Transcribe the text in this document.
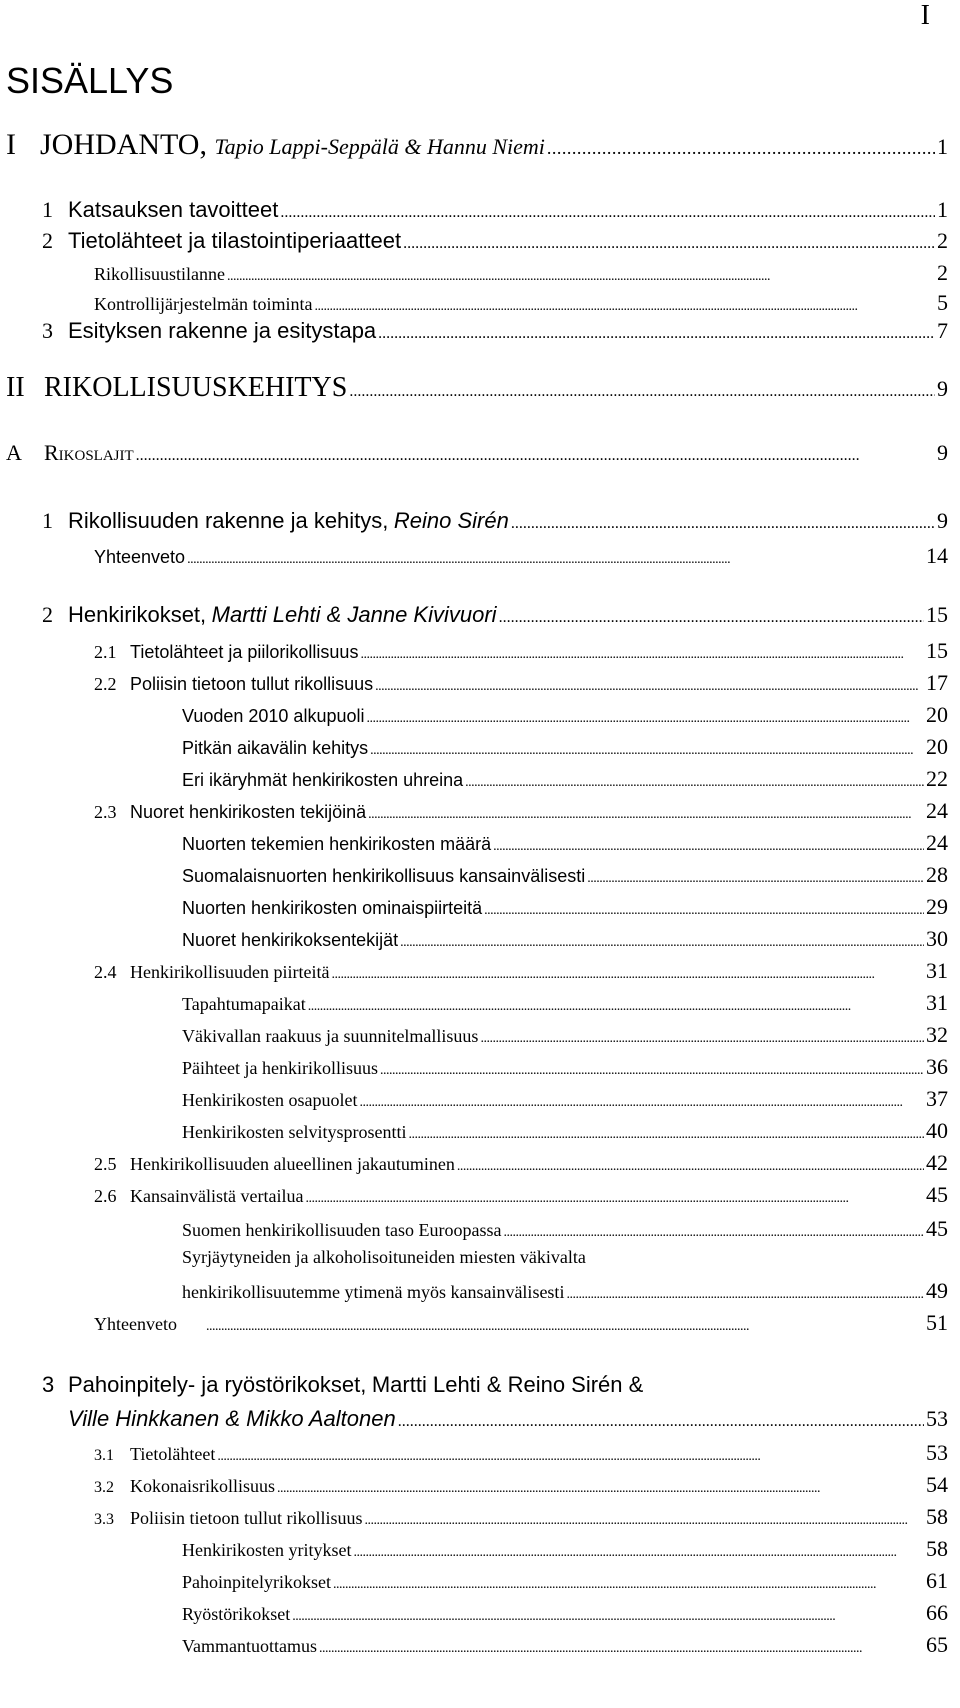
I
SISÄLLYS
I JOHDANTO,
Tapio Lappi-Seppälä & Hannu Niemi . . .	1
1 Katsauksen tavoitteet . . .	1
2 Tietolähteet ja tilastointiperiaatteet . . .	2
Rikollisuustilanne . . .	2
Kontrollijärjestelmän toiminta . . .	5
3 Esityksen rakenne ja esitystapa . . .	7
II RIKOLLISUUSKEHITYS . . .	9
A	Rikoslajit . . .	9
1 Rikollisuuden rakenne ja kehitys,
Reino Sirén . . .	9
Yhteenveto . . .	14
2 Henkirikokset,
Martti Lehti & Janne Kivivuori . . .	15
2.1 Tietolähteet ja piilorikollisuus . . .	15
2.2 Poliisin tietoon tullut rikollisuus . . .	17
Vuoden 2010 alkupuoli . . .	20
Pitkän aikavälin kehitys . . .	20
Eri ikäryhmät henkirikosten uhreina . . .	22
2.3 Nuoret henkirikosten tekijöinä . . .	24
Nuorten tekemien henkirikosten määrä . . .	24
Suomalaisnuorten henkirikollisuus kansainvälisesti . . .	28
Nuorten henkirikosten ominaispiirteitä . . .	29
Nuoret henkirikoksentekijät . . .	30
2.4 Henkirikollisuuden piirteitä . . .	31
Tapahtumapaikat . . .	31
Väkivallan raakuus ja suunnitelmallisuus . . .	32
Päihteet ja henkirikollisuus . . .	36
Henkirikosten osapuolet . . .	37
Henkirikosten selvitysprosentti . . .	40
2.5 Henkirikollisuuden alueellinen jakautuminen . . .	42
2.6 Kansainvälistä vertailua . . .	45
Suomen henkirikollisuuden taso Euroopassa . . .	45
Syrjäytyneiden ja alkoholisoituneiden miesten väkivalta
henkirikollisuutemme ytimenä myös kansainvälisesti . . .	49
Yhteenveto . . .	51
3 Pahoinpitely- ja ryöstörikokset, Martti Lehti & Reino Sirén &
Ville Hinkkanen & Mikko Aaltonen . . .	53
3.1 Tietolähteet . . .	53
3.2 Kokonaisrikollisuus . . .	54
3.3 Poliisin tietoon tullut rikollisuus . . .	58
Henkirikosten yritykset . . .	58
Pahoinpitelyrikokset . . .	61
Ryöstörikokset . . .	66
Vammantuottamus . . .	65
